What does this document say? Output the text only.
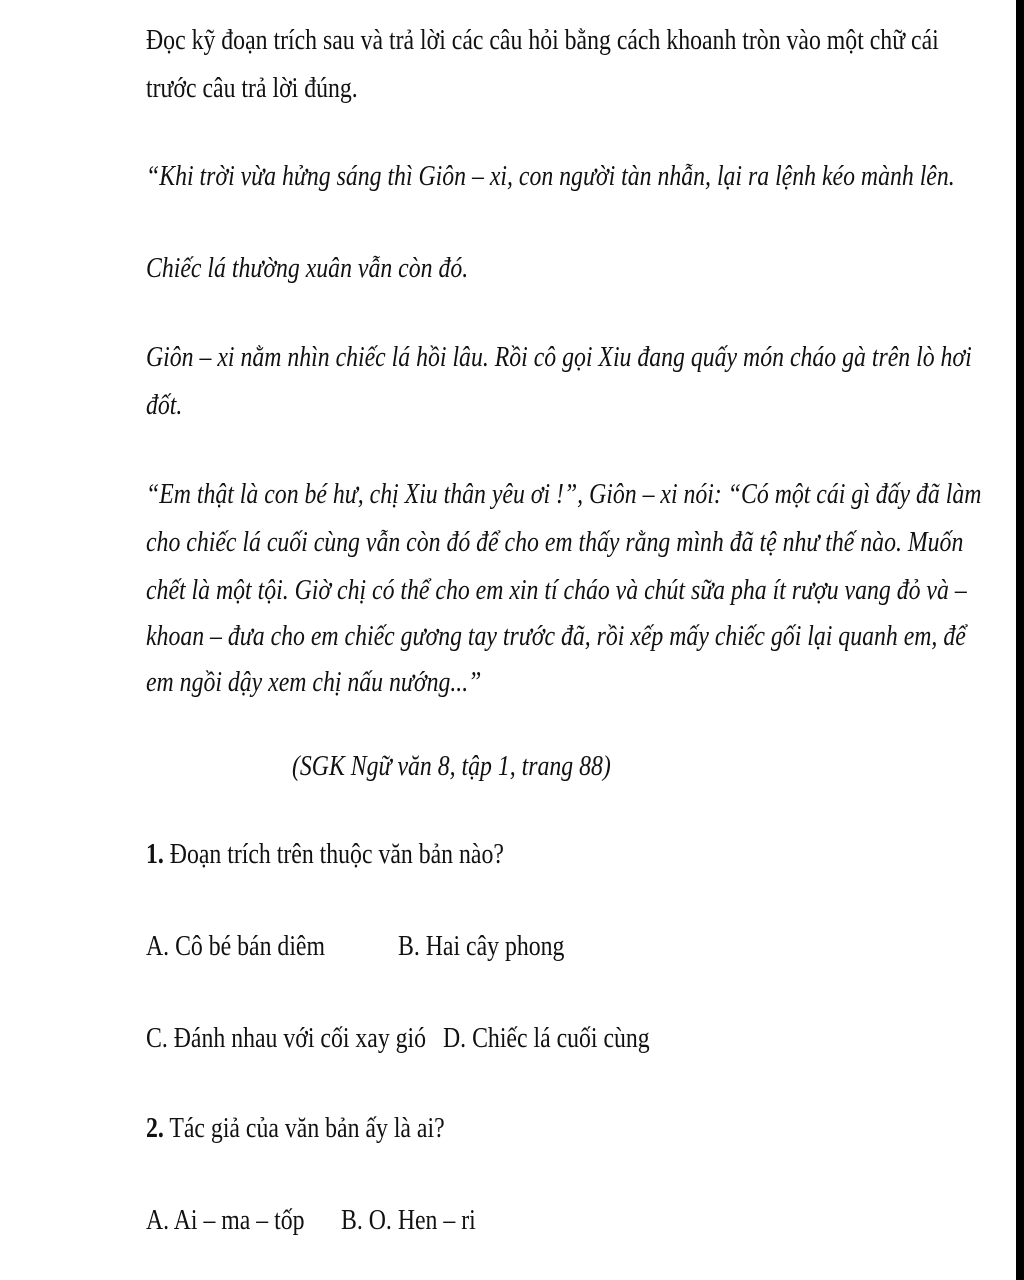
Đọc kỹ đoạn trích sau và trả lời các câu hỏi bằng cách khoanh tròn vào một chữ cái
trước câu trả lời đúng.
“Khi trời vừa hửng sáng thì Giôn – xi, con người tàn nhẫn, lại ra lệnh kéo mành lên.
Chiếc lá thường xuân vẫn còn đó.
Giôn – xi nằm nhìn chiếc lá hồi lâu. Rồi cô gọi Xiu đang quấy món cháo gà trên lò hơi
đốt.
“Em thật là con bé hư, chị Xiu thân yêu ơi !”, Giôn – xi nói: “Có một cái gì đấy đã làm
cho chiếc lá cuối cùng vẫn còn đó để cho em thấy rằng mình đã tệ như thế nào. Muốn
chết là một tội. Giờ chị có thể cho em xin tí cháo và chút sữa pha ít rượu vang đỏ và –
khoan – đưa cho em chiếc gương tay trước đã, rồi xếp mấy chiếc gối lại quanh em, để
em ngồi dậy xem chị nấu nướng...”
(SGK Ngữ văn 8, tập 1, trang 88)
1. Đoạn trích trên thuộc văn bản nào?
A. Cô bé bán diêm	B. Hai cây phong
C. Đánh nhau với cối xay gió D. Chiếc lá cuối cùng
2. Tác giả của văn bản ấy là ai?
A. Ai – ma – tốp B. O. Hen – ri
